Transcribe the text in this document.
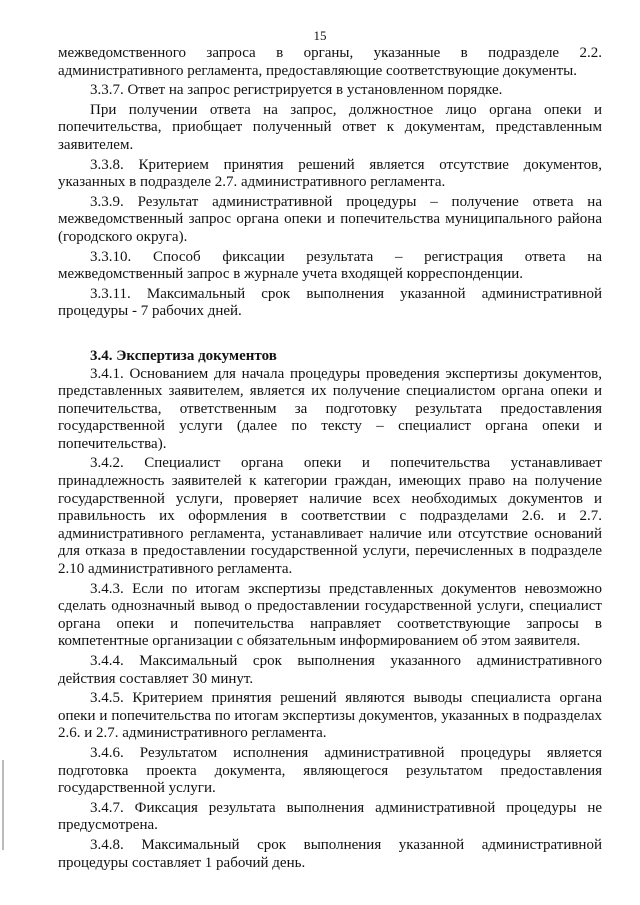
15

межведомственного запроса в органы, указанные в подразделе 2.2. административного регламента, предоставляющие соответствующие документы.

3.3.7. Ответ на запрос регистрируется в установленном порядке.

При получении ответа на запрос, должностное лицо органа опеки и попечительства, приобщает полученный ответ к документам, представленным заявителем.

3.3.8. Критерием принятия решений является отсутствие документов, указанных в подразделе 2.7. административного регламента.

3.3.9. Результат административной процедуры – получение ответа на межведомственный запрос органа опеки и попечительства муниципального района (городского округа).

3.3.10. Способ фиксации результата – регистрация ответа на межведомственный запрос в журнале учета входящей корреспонденции.

3.3.11. Максимальный срок выполнения указанной административной процедуры - 7 рабочих дней.

3.4. Экспертиза документов

3.4.1. Основанием для начала процедуры проведения экспертизы документов, представленных заявителем, является их получение специалистом органа опеки и попечительства, ответственным за подготовку результата предоставления государственной услуги (далее по тексту – специалист органа опеки и попечительства).

3.4.2. Специалист органа опеки и попечительства устанавливает принадлежность заявителей к категории граждан, имеющих право на получение государственной услуги, проверяет наличие всех необходимых документов и правильность их оформления в соответствии с подразделами 2.6. и 2.7. административного регламента, устанавливает наличие или отсутствие оснований для отказа в предоставлении государственной услуги, перечисленных в подразделе 2.10 административного регламента.

3.4.3. Если по итогам экспертизы представленных документов невозможно сделать однозначный вывод о предоставлении государственной услуги, специалист органа опеки и попечительства направляет соответствующие запросы в компетентные организации с обязательным информированием об этом заявителя.

3.4.4. Максимальный срок выполнения указанного административного действия составляет 30 минут.

3.4.5. Критерием принятия решений являются выводы специалиста органа опеки и попечительства по итогам экспертизы документов, указанных в подразделах 2.6. и 2.7. административного регламента.

3.4.6. Результатом исполнения административной процедуры является подготовка проекта документа, являющегося результатом предоставления государственной услуги.

3.4.7. Фиксация результата выполнения административной процедуры не предусмотрена.

3.4.8. Максимальный срок выполнения указанной административной процедуры составляет 1 рабочий день.
